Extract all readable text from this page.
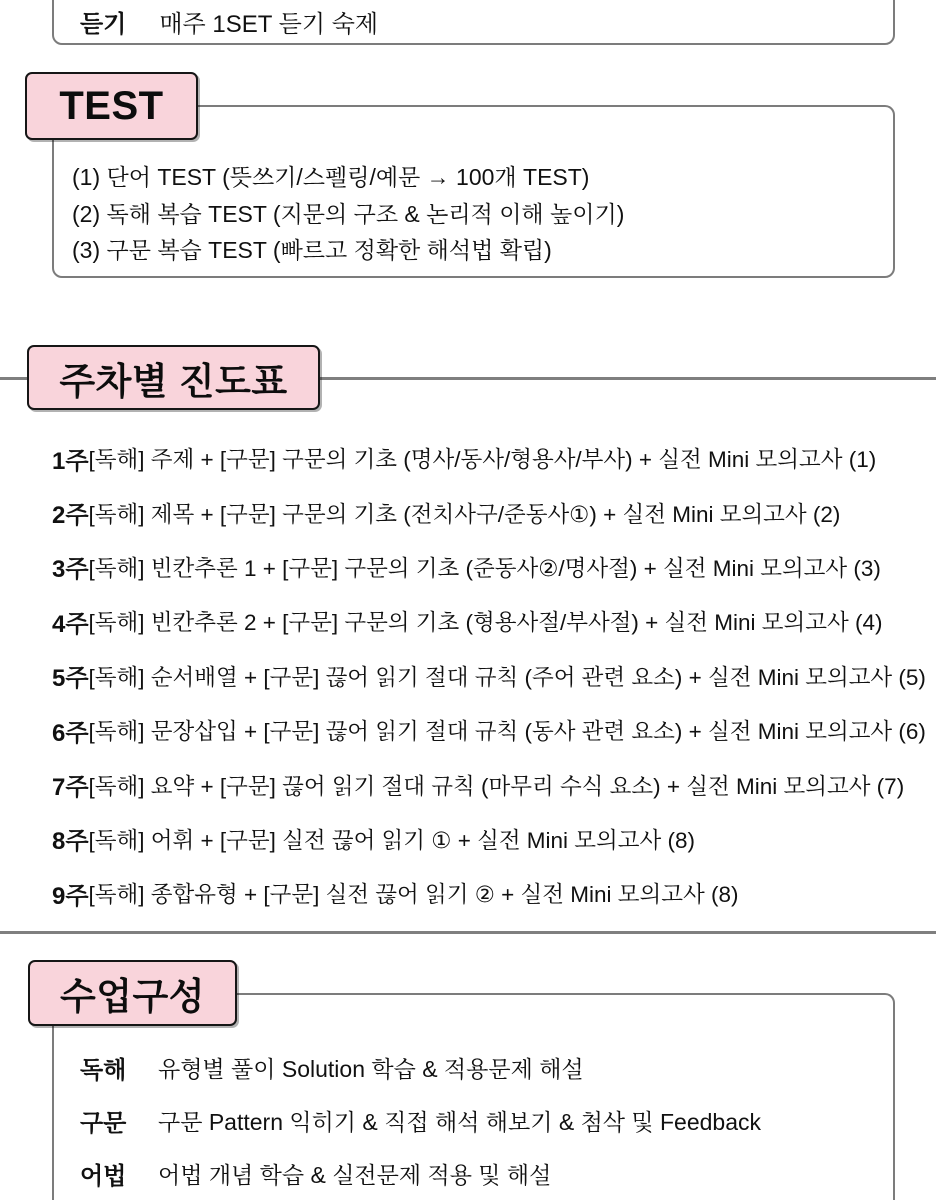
듣기 매주 1SET 듣기 숙제
(1) 단어 TEST (뜻쓰기/스펠링/예문 → 100개 TEST)
(2) 독해 복습 TEST (지문의 구조 & 논리적 이해 높이기)
(3) 구문 복습 TEST (빠르고 정확한 해석법 확립)
TEST
주차별 진도표
1주 [독해] 주제 + [구문] 구문의 기초 (명사/동사/형용사/부사) + 실전 Mini 모의고사 (1)
2주 [독해] 제목 + [구문] 구문의 기초 (전치사구/준동사①) + 실전 Mini 모의고사 (2)
3주 [독해] 빈칸추론 1 + [구문] 구문의 기초 (준동사②/명사절) + 실전 Mini 모의고사 (3)
4주 [독해] 빈칸추론 2 + [구문] 구문의 기초 (형용사절/부사절) + 실전 Mini 모의고사 (4)
5주 [독해] 순서배열 + [구문] 끊어 읽기 절대 규칙 (주어 관련 요소) + 실전 Mini 모의고사 (5)
6주 [독해] 문장삽입 + [구문] 끊어 읽기 절대 규칙 (동사 관련 요소) + 실전 Mini 모의고사 (6)
7주 [독해] 요약 + [구문] 끊어 읽기 절대 규칙 (마무리 수식 요소) + 실전 Mini 모의고사 (7)
8주 [독해] 어휘 + [구문] 실전 끊어 읽기 ① + 실전 Mini 모의고사 (8)
9주 [독해] 종합유형 + [구문] 실전 끊어 읽기 ② + 실전 Mini 모의고사 (8)
독해 유형별 풀이 Solution 학습 & 적용문제 해설
구문 구문 Pattern 익히기 & 직접 해석 해보기 & 첨삭 및 Feedback
어법 어법 개념 학습 & 실전문제 적용 및 해설
수업구성
